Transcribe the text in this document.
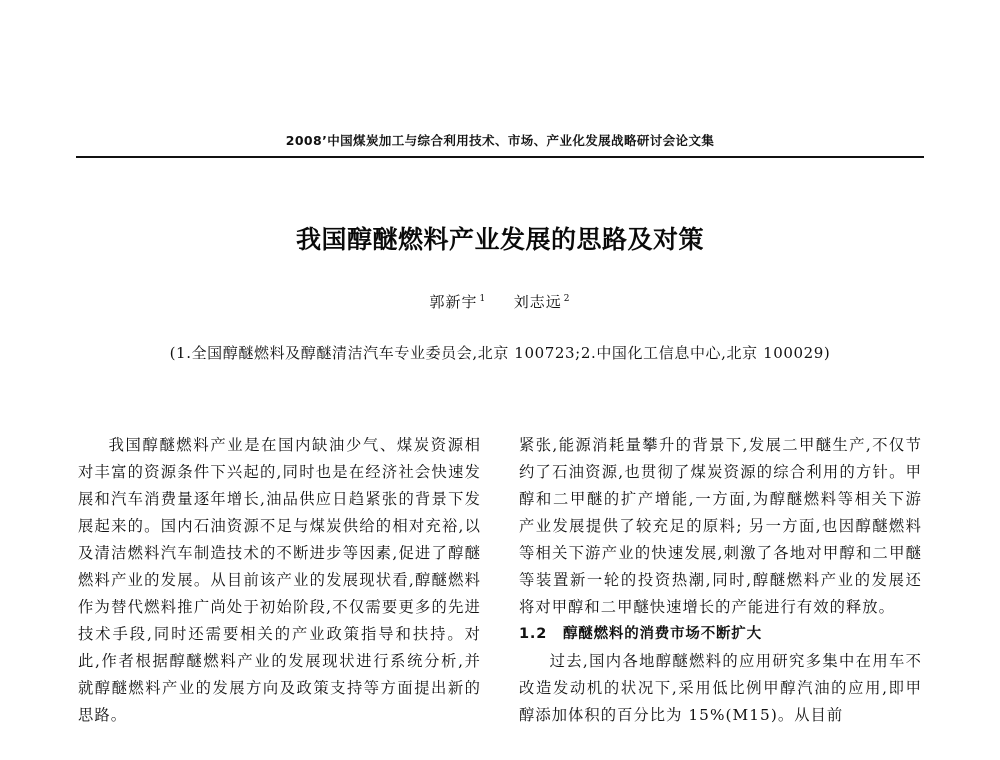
2008’中国煤炭加工与综合利用技术、市场、产业化发展战略研讨会论文集
我国醇醚燃料产业发展的思路及对策
郭新宇 $^1$ 刘志远 $^2$
(1.全国醇醚燃料及醇醚清洁汽车专业委员会,北京 100723;2.中国化工信息中心,北京 100029)

我国醇醚燃料产业是在国内缺油少气、煤炭资源相对丰富的资源条件下兴起的,同时也是在经济社会快速发展和汽车消费量逐年增长,油品供应日趋紧张的背景下发展起来的。国内石油资源不足与煤炭供给的相对充裕,以及清洁燃料汽车制造技术的不断进步等因素,促进了醇醚燃料产业的发展。从目前该产业的发展现状看,醇醚燃料作为替代燃料推广尚处于初始阶段,不仅需要更多的先进技术手段,同时还需要相关的产业政策指导和扶持。对此,作者根据醇醚燃料产业的发展现状进行系统分析,并就醇醚燃料产业的发展方向及政策支持等方面提出新的思路。

紧张,能源消耗量攀升的背景下,发展二甲醚生产,不仅节约了石油资源,也贯彻了煤炭资源的综合利用的方针。甲醇和二甲醚的扩产增能,一方面,为醇醚燃料等相关下游产业发展提供了较充足的原料; 另一方面,也因醇醚燃料等相关下游产业的快速发展,刺激了各地对甲醇和二甲醚等装置新一轮的投资热潮,同时,醇醚燃料产业的发展还将对甲醇和二甲醚快速增长的产能进行有效的释放。

1.2 醇醚燃料的消费市场不断扩大

过去,国内各地醇醚燃料的应用研究多集中在用车不改造发动机的状况下,采用低比例甲醇汽油的应用,即甲醇添加体积的百分比为 15%(M15)。从目前
